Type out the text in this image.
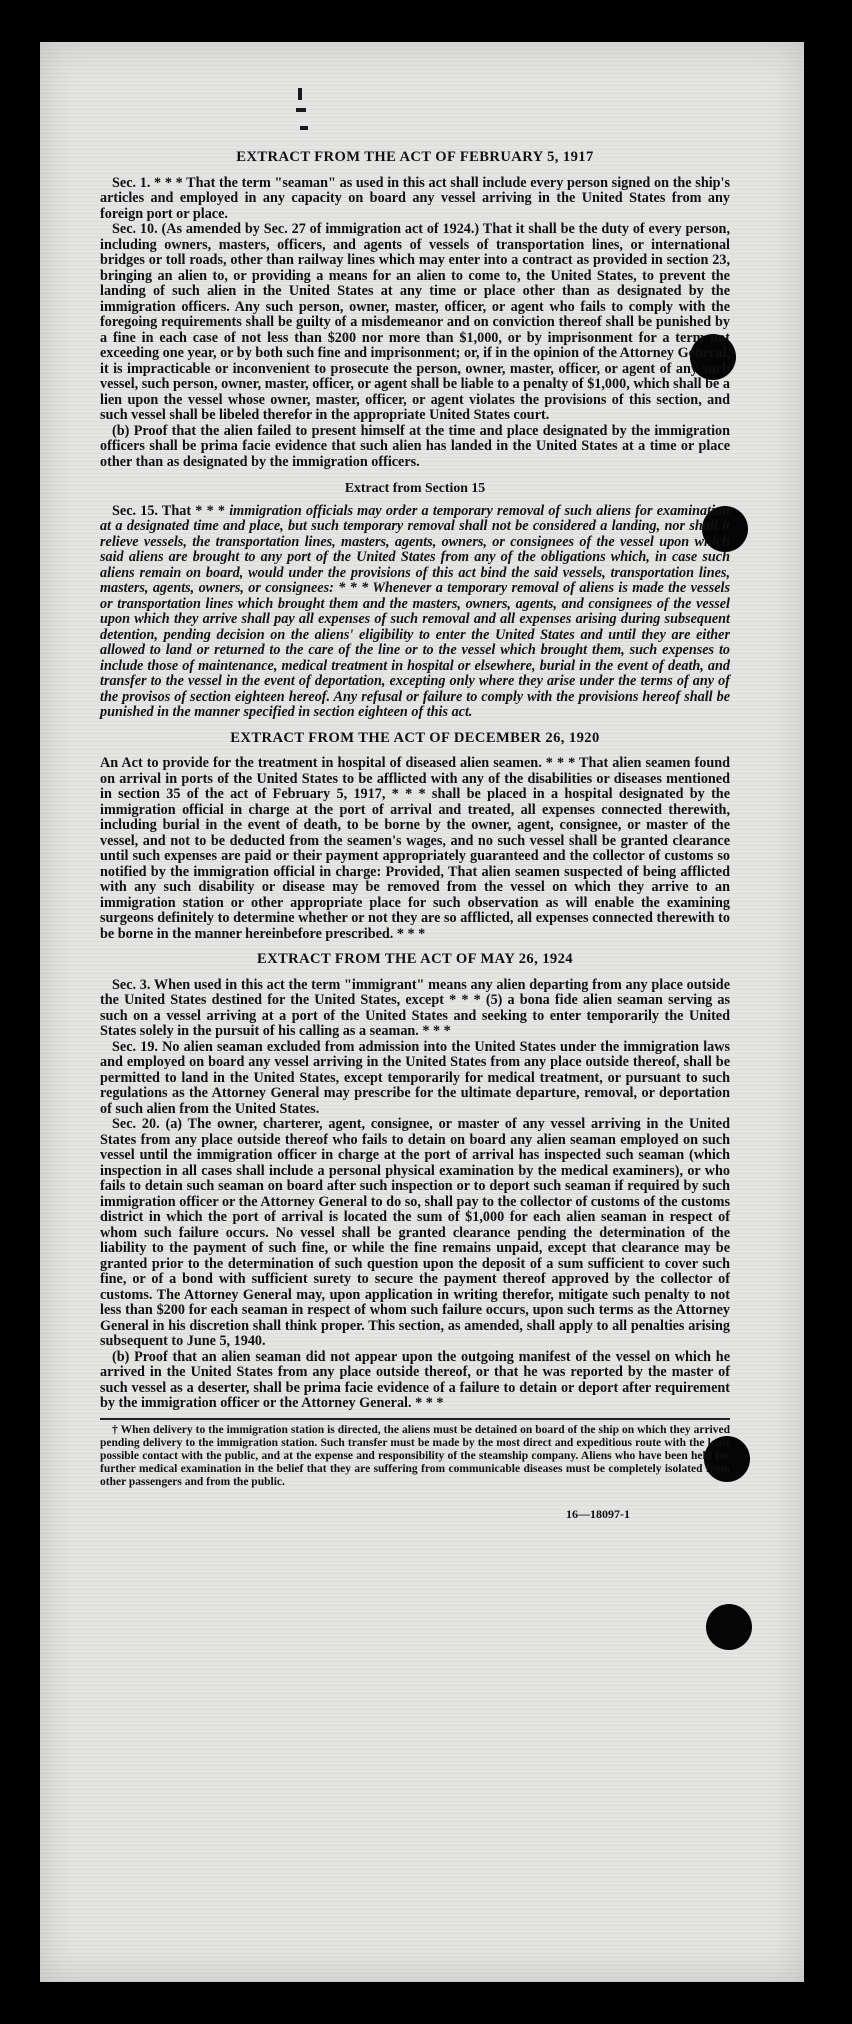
EXTRACT FROM THE ACT OF FEBRUARY 5, 1917

Sec. 1. * * * That the term "seaman" as used in this act shall include every person signed on the ship's articles and employed in any capacity on board any vessel arriving in the United States from any foreign port or place.

Sec. 10. (As amended by Sec. 27 of immigration act of 1924.) That it shall be the duty of every person, including owners, masters, officers, and agents of vessels of transportation lines, or international bridges or toll roads, other than railway lines which may enter into a contract as provided in section 23, bringing an alien to, or providing a means for an alien to come to, the United States, to prevent the landing of such alien in the United States at any time or place other than as designated by the immigration officers. Any such person, owner, master, officer, or agent who fails to comply with the foregoing requirements shall be guilty of a misdemeanor and on conviction thereof shall be punished by a fine in each case of not less than $200 nor more than $1,000, or by imprisonment for a term not exceeding one year, or by both such fine and imprisonment; or, if in the opinion of the Attorney General, it is impracticable or inconvenient to prosecute the person, owner, master, officer, or agent of any such vessel, such person, owner, master, officer, or agent shall be liable to a penalty of $1,000, which shall be a lien upon the vessel whose owner, master, officer, or agent violates the provisions of this section, and such vessel shall be libeled therefor in the appropriate United States court.

(b) Proof that the alien failed to present himself at the time and place designated by the immigration officers shall be prima facie evidence that such alien has landed in the United States at a time or place other than as designated by the immigration officers.

Extract from Section 15

Sec. 15. That * * * immigration officials may order a temporary removal of such aliens for examination at a designated time and place, but such temporary removal shall not be considered a landing, nor shall it relieve vessels, the transportation lines, masters, agents, owners, or consignees of the vessel upon which said aliens are brought to any port of the United States from any of the obligations which, in case such aliens remain on board, would under the provisions of this act bind the said vessels, transportation lines, masters, agents, owners, or consignees: * * * Whenever a temporary removal of aliens is made the vessels or transportation lines which brought them and the masters, owners, agents, and consignees of the vessel upon which they arrive shall pay all expenses of such removal and all expenses arising during subsequent detention, pending decision on the aliens' eligibility to enter the United States and until they are either allowed to land or returned to the care of the line or to the vessel which brought them, such expenses to include those of maintenance, medical treatment in hospital or elsewhere, burial in the event of death, and transfer to the vessel in the event of deportation, excepting only where they arise under the terms of any of the provisos of section eighteen hereof. Any refusal or failure to comply with the provisions hereof shall be punished in the manner specified in section eighteen of this act.

EXTRACT FROM THE ACT OF DECEMBER 26, 1920

An Act to provide for the treatment in hospital of diseased alien seamen. * * * That alien seamen found on arrival in ports of the United States to be afflicted with any of the disabilities or diseases mentioned in section 35 of the act of February 5, 1917, * * * shall be placed in a hospital designated by the immigration official in charge at the port of arrival and treated, all expenses connected therewith, including burial in the event of death, to be borne by the owner, agent, consignee, or master of the vessel, and not to be deducted from the seamen's wages, and no such vessel shall be granted clearance until such expenses are paid or their payment appropriately guaranteed and the collector of customs so notified by the immigration official in charge: Provided, That alien seamen suspected of being afflicted with any such disability or disease may be removed from the vessel on which they arrive to an immigration station or other appropriate place for such observation as will enable the examining surgeons definitely to determine whether or not they are so afflicted, all expenses connected therewith to be borne in the manner hereinbefore prescribed. * * *

EXTRACT FROM THE ACT OF MAY 26, 1924

Sec. 3. When used in this act the term "immigrant" means any alien departing from any place outside the United States destined for the United States, except * * * (5) a bona fide alien seaman serving as such on a vessel arriving at a port of the United States and seeking to enter temporarily the United States solely in the pursuit of his calling as a seaman. * * *

Sec. 19. No alien seaman excluded from admission into the United States under the immigration laws and employed on board any vessel arriving in the United States from any place outside thereof, shall be permitted to land in the United States, except temporarily for medical treatment, or pursuant to such regulations as the Attorney General may prescribe for the ultimate departure, removal, or deportation of such alien from the United States.

Sec. 20. (a) The owner, charterer, agent, consignee, or master of any vessel arriving in the United States from any place outside thereof who fails to detain on board any alien seaman employed on such vessel until the immigration officer in charge at the port of arrival has inspected such seaman (which inspection in all cases shall include a personal physical examination by the medical examiners), or who fails to detain such seaman on board after such inspection or to deport such seaman if required by such immigration officer or the Attorney General to do so, shall pay to the collector of customs of the customs district in which the port of arrival is located the sum of $1,000 for each alien seaman in respect of whom such failure occurs. No vessel shall be granted clearance pending the determination of the liability to the payment of such fine, or while the fine remains unpaid, except that clearance may be granted prior to the determination of such question upon the deposit of a sum sufficient to cover such fine, or of a bond with sufficient surety to secure the payment thereof approved by the collector of customs. The Attorney General may, upon application in writing therefor, mitigate such penalty to not less than $200 for each seaman in respect of whom such failure occurs, upon such terms as the Attorney General in his discretion shall think proper. This section, as amended, shall apply to all penalties arising subsequent to June 5, 1940.

(b) Proof that an alien seaman did not appear upon the outgoing manifest of the vessel on which he arrived in the United States from any place outside thereof, or that he was reported by the master of such vessel as a deserter, shall be prima facie evidence of a failure to detain or deport after requirement by the immigration officer or the Attorney General. * * *

† When delivery to the immigration station is directed, the aliens must be detained on board of the ship on which they arrived pending delivery to the immigration station. Such transfer must be made by the most direct and expeditious route with the least possible contact with the public, and at the expense and responsibility of the steamship company. Aliens who have been held for further medical examination in the belief that they are suffering from communicable diseases must be completely isolated from other passengers and from the public.

16—18097-1
